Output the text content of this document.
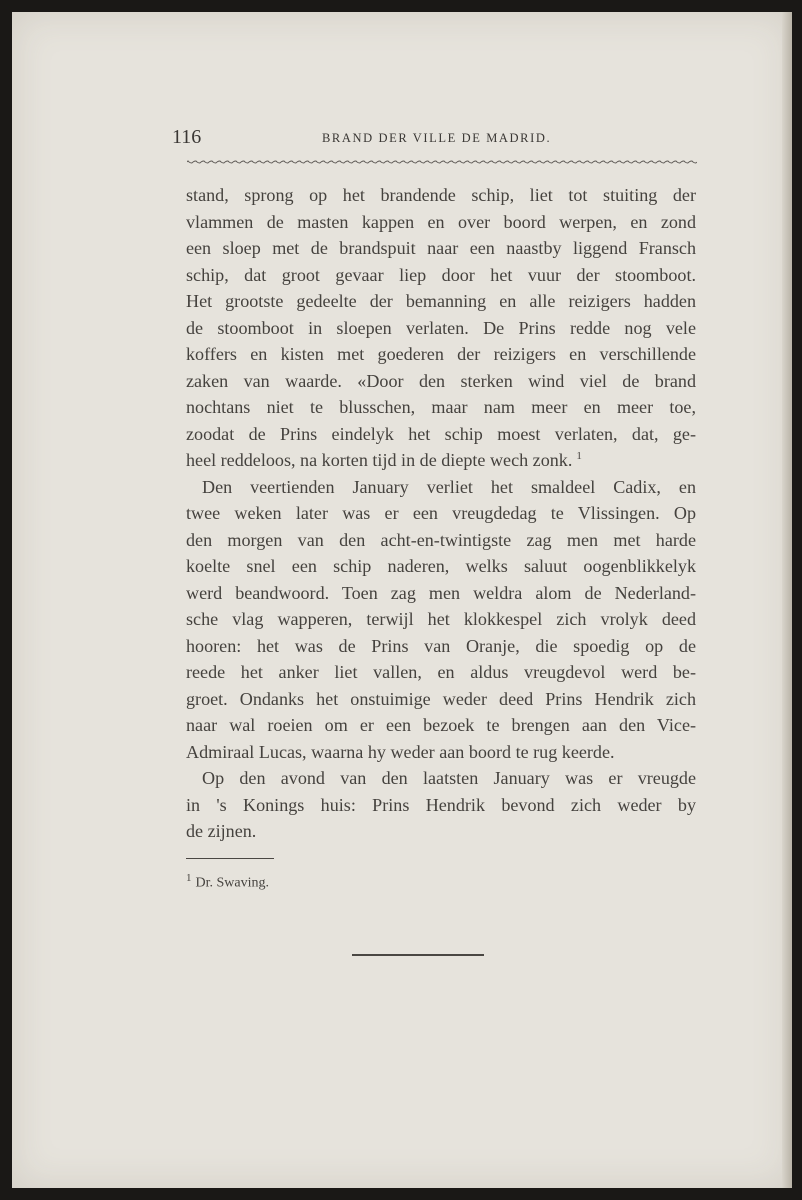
116	BRAND DER VILLE DE MADRID.
stand, sprong op het brandende schip, liet tot stuiting der
vlammen de masten kappen en over boord werpen, en zond
een sloep met de brandspuit naar een naastby liggend Fransch
schip, dat groot gevaar liep door het vuur der stoomboot.
Het grootste gedeelte der bemanning en alle reizigers hadden
de stoomboot in sloepen verlaten. De Prins redde nog vele
koffers en kisten met goederen der reizigers en verschillende
zaken van waarde. «Door den sterken wind viel de brand
nochtans niet te blusschen, maar nam meer en meer toe,
zoodat de Prins eindelyk het schip moest verlaten, dat, ge-
heel reddeloos, na korten tijd in de diepte wech zonk. $^1$
Den veertienden January verliet het smaldeel Cadix, en
twee weken later was er een vreugdedag te Vlissingen. Op
den morgen van den acht-en-twintigste zag men met harde
koelte snel een schip naderen, welks saluut oogenblikkelyk
werd beandwoord. Toen zag men weldra alom de Nederland-
sche vlag wapperen, terwijl het klokkespel zich vrolyk deed
hooren: het was de Prins van Oranje, die spoedig op de
reede het anker liet vallen, en aldus vreugdevol werd be-
groet. Ondanks het onstuimige weder deed Prins Hendrik zich
naar wal roeien om er een bezoek te brengen aan den Vice-
Admiraal Lucas, waarna hy weder aan boord te rug keerde.
Op den avond van den laatsten January was er vreugde
in 's Konings huis: Prins Hendrik bevond zich weder by
de zijnen.
$^1$ Dr. Swaving.
